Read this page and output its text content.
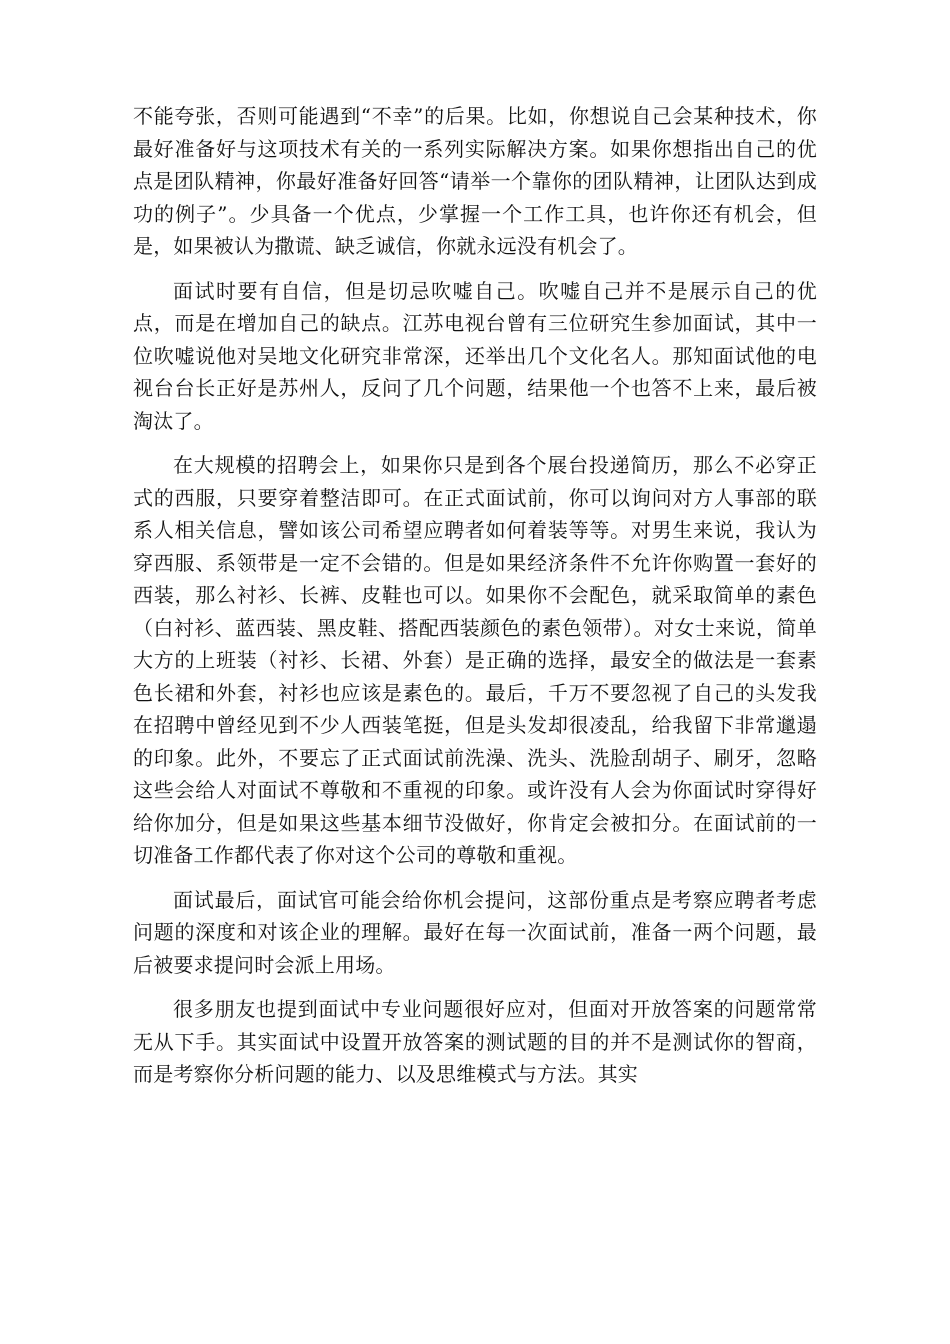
不能夸张，否则可能遇到“不幸”的后果。比如，你想说自己会某种技术，你最好准备好与这项技术有关的一系列实际解决方案。如果你想指出自己的优点是团队精神，你最好准备好回答“请举一个靠你的团队精神，让团队达到成功的例子”。少具备一个优点，少掌握一个工作工具，也许你还有机会，但是，如果被认为撒谎、缺乏诚信，你就永远没有机会了。

面试时要有自信，但是切忌吹嘘自己。吹嘘自己并不是展示自己的优点，而是在增加自己的缺点。江苏电视台曾有三位研究生参加面试，其中一位吹嘘说他对吴地文化研究非常深，还举出几个文化名人。那知面试他的电视台台长正好是苏州人，反问了几个问题，结果他一个也答不上来，最后被淘汰了。

在大规模的招聘会上，如果你只是到各个展台投递简历，那么不必穿正式的西服，只要穿着整洁即可。在正式面试前，你可以询问对方人事部的联系人相关信息，譬如该公司希望应聘者如何着装等等。对男生来说，我认为穿西服、系领带是一定不会错的。但是如果经济条件不允许你购置一套好的西装，那么衬衫、长裤、皮鞋也可以。如果你不会配色，就采取简单的素色（白衬衫、蓝西装、黑皮鞋、搭配西装颜色的素色领带）。对女士来说，简单大方的上班装（衬衫、长裙、外套）是正确的选择，最安全的做法是一套素色长裙和外套，衬衫也应该是素色的。最后，千万不要忽视了自己的头发我在招聘中曾经见到不少人西装笔挺，但是头发却很凌乱，给我留下非常邋遢的印象。此外，不要忘了正式面试前洗澡、洗头、洗脸刮胡子、刷牙，忽略这些会给人对面试不尊敬和不重视的印象。或许没有人会为你面试时穿得好给你加分，但是如果这些基本细节没做好，你肯定会被扣分。在面试前的一切准备工作都代表了你对这个公司的尊敬和重视。

面试最后，面试官可能会给你机会提问，这部份重点是考察应聘者考虑问题的深度和对该企业的理解。最好在每一次面试前，准备一两个问题，最后被要求提问时会派上用场。

很多朋友也提到面试中专业问题很好应对，但面对开放答案的问题常常无从下手。其实面试中设置开放答案的测试题的目的并不是测试你的智商，而是考察你分析问题的能力、以及思维模式与方法。其实
